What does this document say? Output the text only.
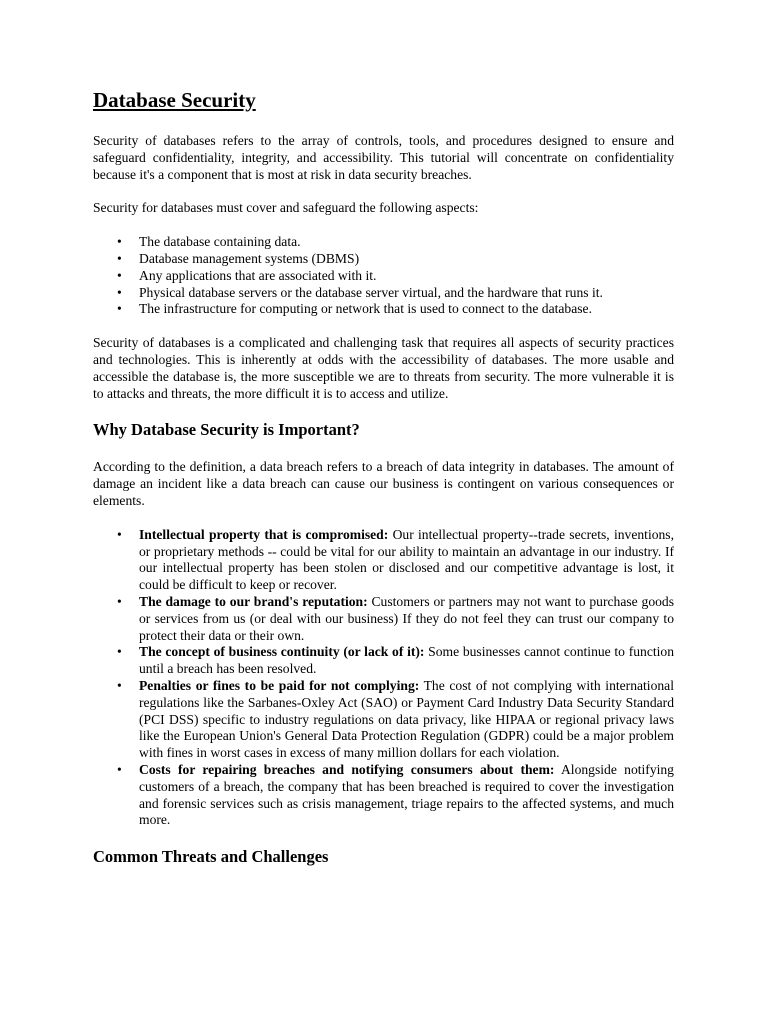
Database Security

Security of databases refers to the array of controls, tools, and procedures designed to ensure and safeguard confidentiality, integrity, and accessibility. This tutorial will concentrate on confidentiality because it's a component that is most at risk in data security breaches.

Security for databases must cover and safeguard the following aspects:

• The database containing data.
• Database management systems (DBMS)
• Any applications that are associated with it.
• Physical database servers or the database server virtual, and the hardware that runs it.
• The infrastructure for computing or network that is used to connect to the database.

Security of databases is a complicated and challenging task that requires all aspects of security practices and technologies. This is inherently at odds with the accessibility of databases. The more usable and accessible the database is, the more susceptible we are to threats from security. The more vulnerable it is to attacks and threats, the more difficult it is to access and utilize.

Why Database Security is Important?

According to the definition, a data breach refers to a breach of data integrity in databases. The amount of damage an incident like a data breach can cause our business is contingent on various consequences or elements.

• Intellectual property that is compromised: Our intellectual property--trade secrets, inventions, or proprietary methods -- could be vital for our ability to maintain an advantage in our industry. If our intellectual property has been stolen or disclosed and our competitive advantage is lost, it could be difficult to keep or recover.
• The damage to our brand's reputation: Customers or partners may not want to purchase goods or services from us (or deal with our business) If they do not feel they can trust our company to protect their data or their own.
• The concept of business continuity (or lack of it): Some businesses cannot continue to function until a breach has been resolved.
• Penalties or fines to be paid for not complying: The cost of not complying with international regulations like the Sarbanes-Oxley Act (SAO) or Payment Card Industry Data Security Standard (PCI DSS) specific to industry regulations on data privacy, like HIPAA or regional privacy laws like the European Union's General Data Protection Regulation (GDPR) could be a major problem with fines in worst cases in excess of many million dollars for each violation.
• Costs for repairing breaches and notifying consumers about them: Alongside notifying customers of a breach, the company that has been breached is required to cover the investigation and forensic services such as crisis management, triage repairs to the affected systems, and much more.
Common Threats and Challenges
